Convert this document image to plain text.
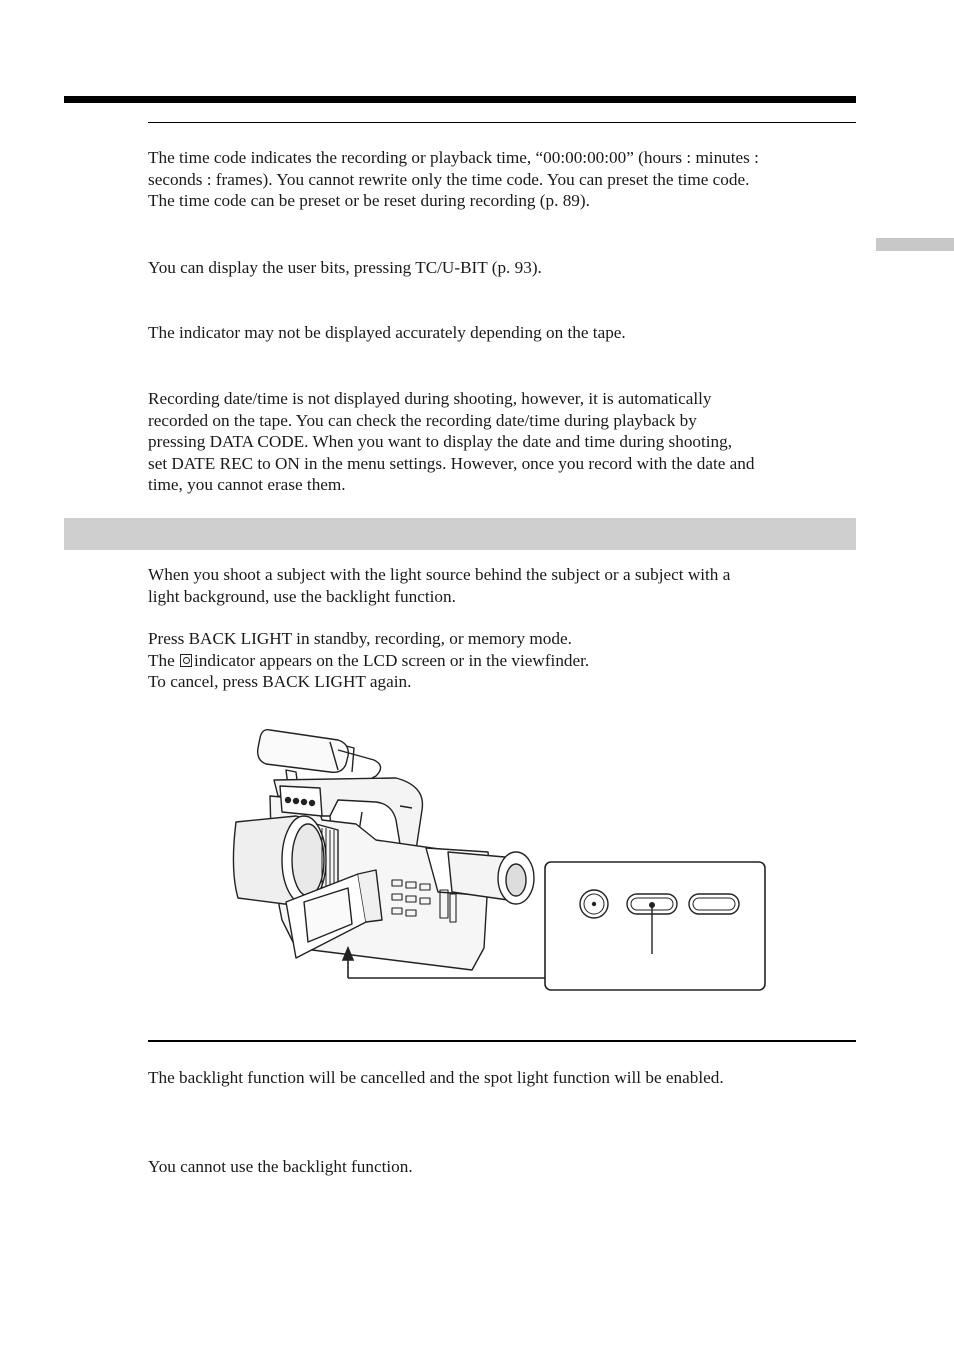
The time code indicates the recording or playback time, “00:00:00:00” (hours : minutes :
seconds : frames). You cannot rewrite only the time code. You can preset the time code.
The time code can be preset or be reset during recording (p. 89).
You can display the user bits, pressing TC/U-BIT (p. 93).
The indicator may not be displayed accurately depending on the tape.
Recording date/time is not displayed during shooting, however, it is automatically
recorded on the tape. You can check the recording date/time during playback by
pressing DATA CODE. When you want to display the date and time during shooting,
set DATE REC to ON in the menu settings. However, once you record with the date and
time, you cannot erase them.
When you shoot a subject with the light source behind the subject or a subject with a
light background, use the backlight function.
Press BACK LIGHT in standby, recording, or memory mode.
The indicator appears on the LCD screen or in the viewfinder.
To cancel, press BACK LIGHT again.
The backlight function will be cancelled and the spot light function will be enabled.
You cannot use the backlight function.
